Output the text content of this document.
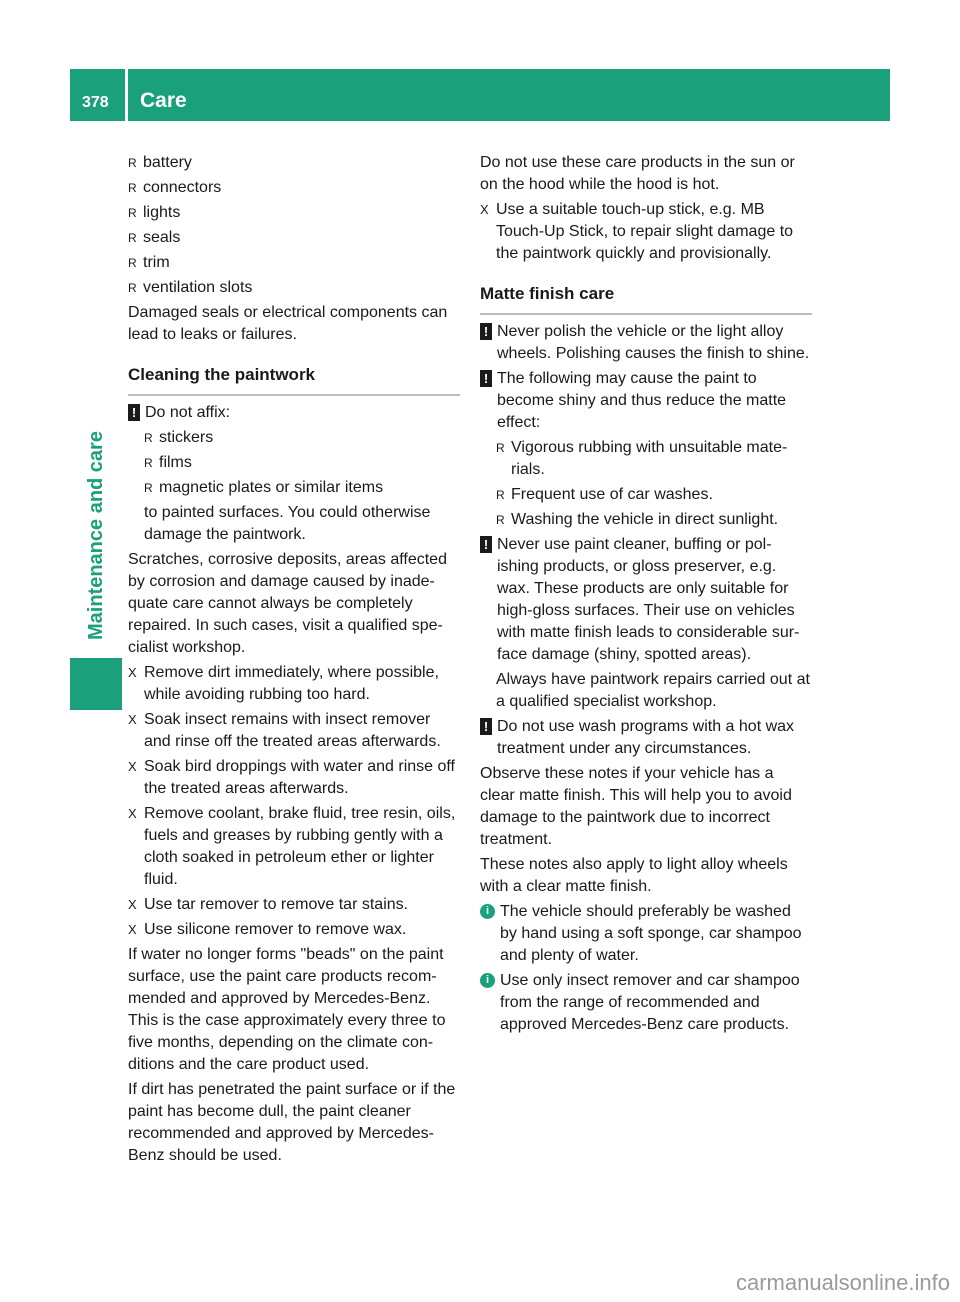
378 Care
Maintenance and care
R battery
R connectors
R lights
R seals
R trim
R ventilation slots

Damaged seals or electrical components can lead to leaks or failures.

Cleaning the paintwork
! Do not affix:
R stickers
R films
R magnetic plates or similar items

to painted surfaces. You could otherwise damage the paintwork.

Scratches, corrosive deposits, areas affected by corrosion and damage caused by inade- quate care cannot always be completely repaired. In such cases, visit a qualified spe- cialist workshop.

X Remove dirt immediately, where possible, while avoiding rubbing too hard.
X Soak insect remains with insect remover and rinse off the treated areas afterwards.
X Soak bird droppings with water and rinse off the treated areas afterwards.
X Remove coolant, brake fluid, tree resin, oils, fuels and greases by rubbing gently with a cloth soaked in petroleum ether or lighter fluid.
X Use tar remover to remove tar stains.
X Use silicone remover to remove wax.

If water no longer forms "beads" on the paint surface, use the paint care products recom- mended and approved by Mercedes-Benz. This is the case approximately every three to five months, depending on the climate con- ditions and the care product used.

If dirt has penetrated the paint surface or if the paint has become dull, the paint cleaner recommended and approved by Mercedes- Benz should be used.

Do not use these care products in the sun or on the hood while the hood is hot.

X Use a suitable touch-up stick, e.g. MB Touch-Up Stick, to repair slight damage to the paintwork quickly and provisionally.
Matte finish care
! Never polish the vehicle or the light alloy wheels. Polishing causes the finish to shine.
! The following may cause the paint to become shiny and thus reduce the matte effect:
R Vigorous rubbing with unsuitable mate- rials.
R Frequent use of car washes.
R Washing the vehicle in direct sunlight.
! Never use paint cleaner, buffing or pol- ishing products, or gloss preserver, e.g. wax. These products are only suitable for high-gloss surfaces. Their use on vehicles with matte finish leads to considerable sur- face damage (shiny, spotted areas).

Always have paintwork repairs carried out at a qualified specialist workshop.

! Do not use wash programs with a hot wax treatment under any circumstances.

Observe these notes if your vehicle has a clear matte finish. This will help you to avoid damage to the paintwork due to incorrect treatment.

These notes also apply to light alloy wheels with a clear matte finish.

i The vehicle should preferably be washed by hand using a soft sponge, car shampoo and plenty of water.
i Use only insect remover and car shampoo from the range of recommended and approved Mercedes-Benz care products.
carmanualsonline.info
